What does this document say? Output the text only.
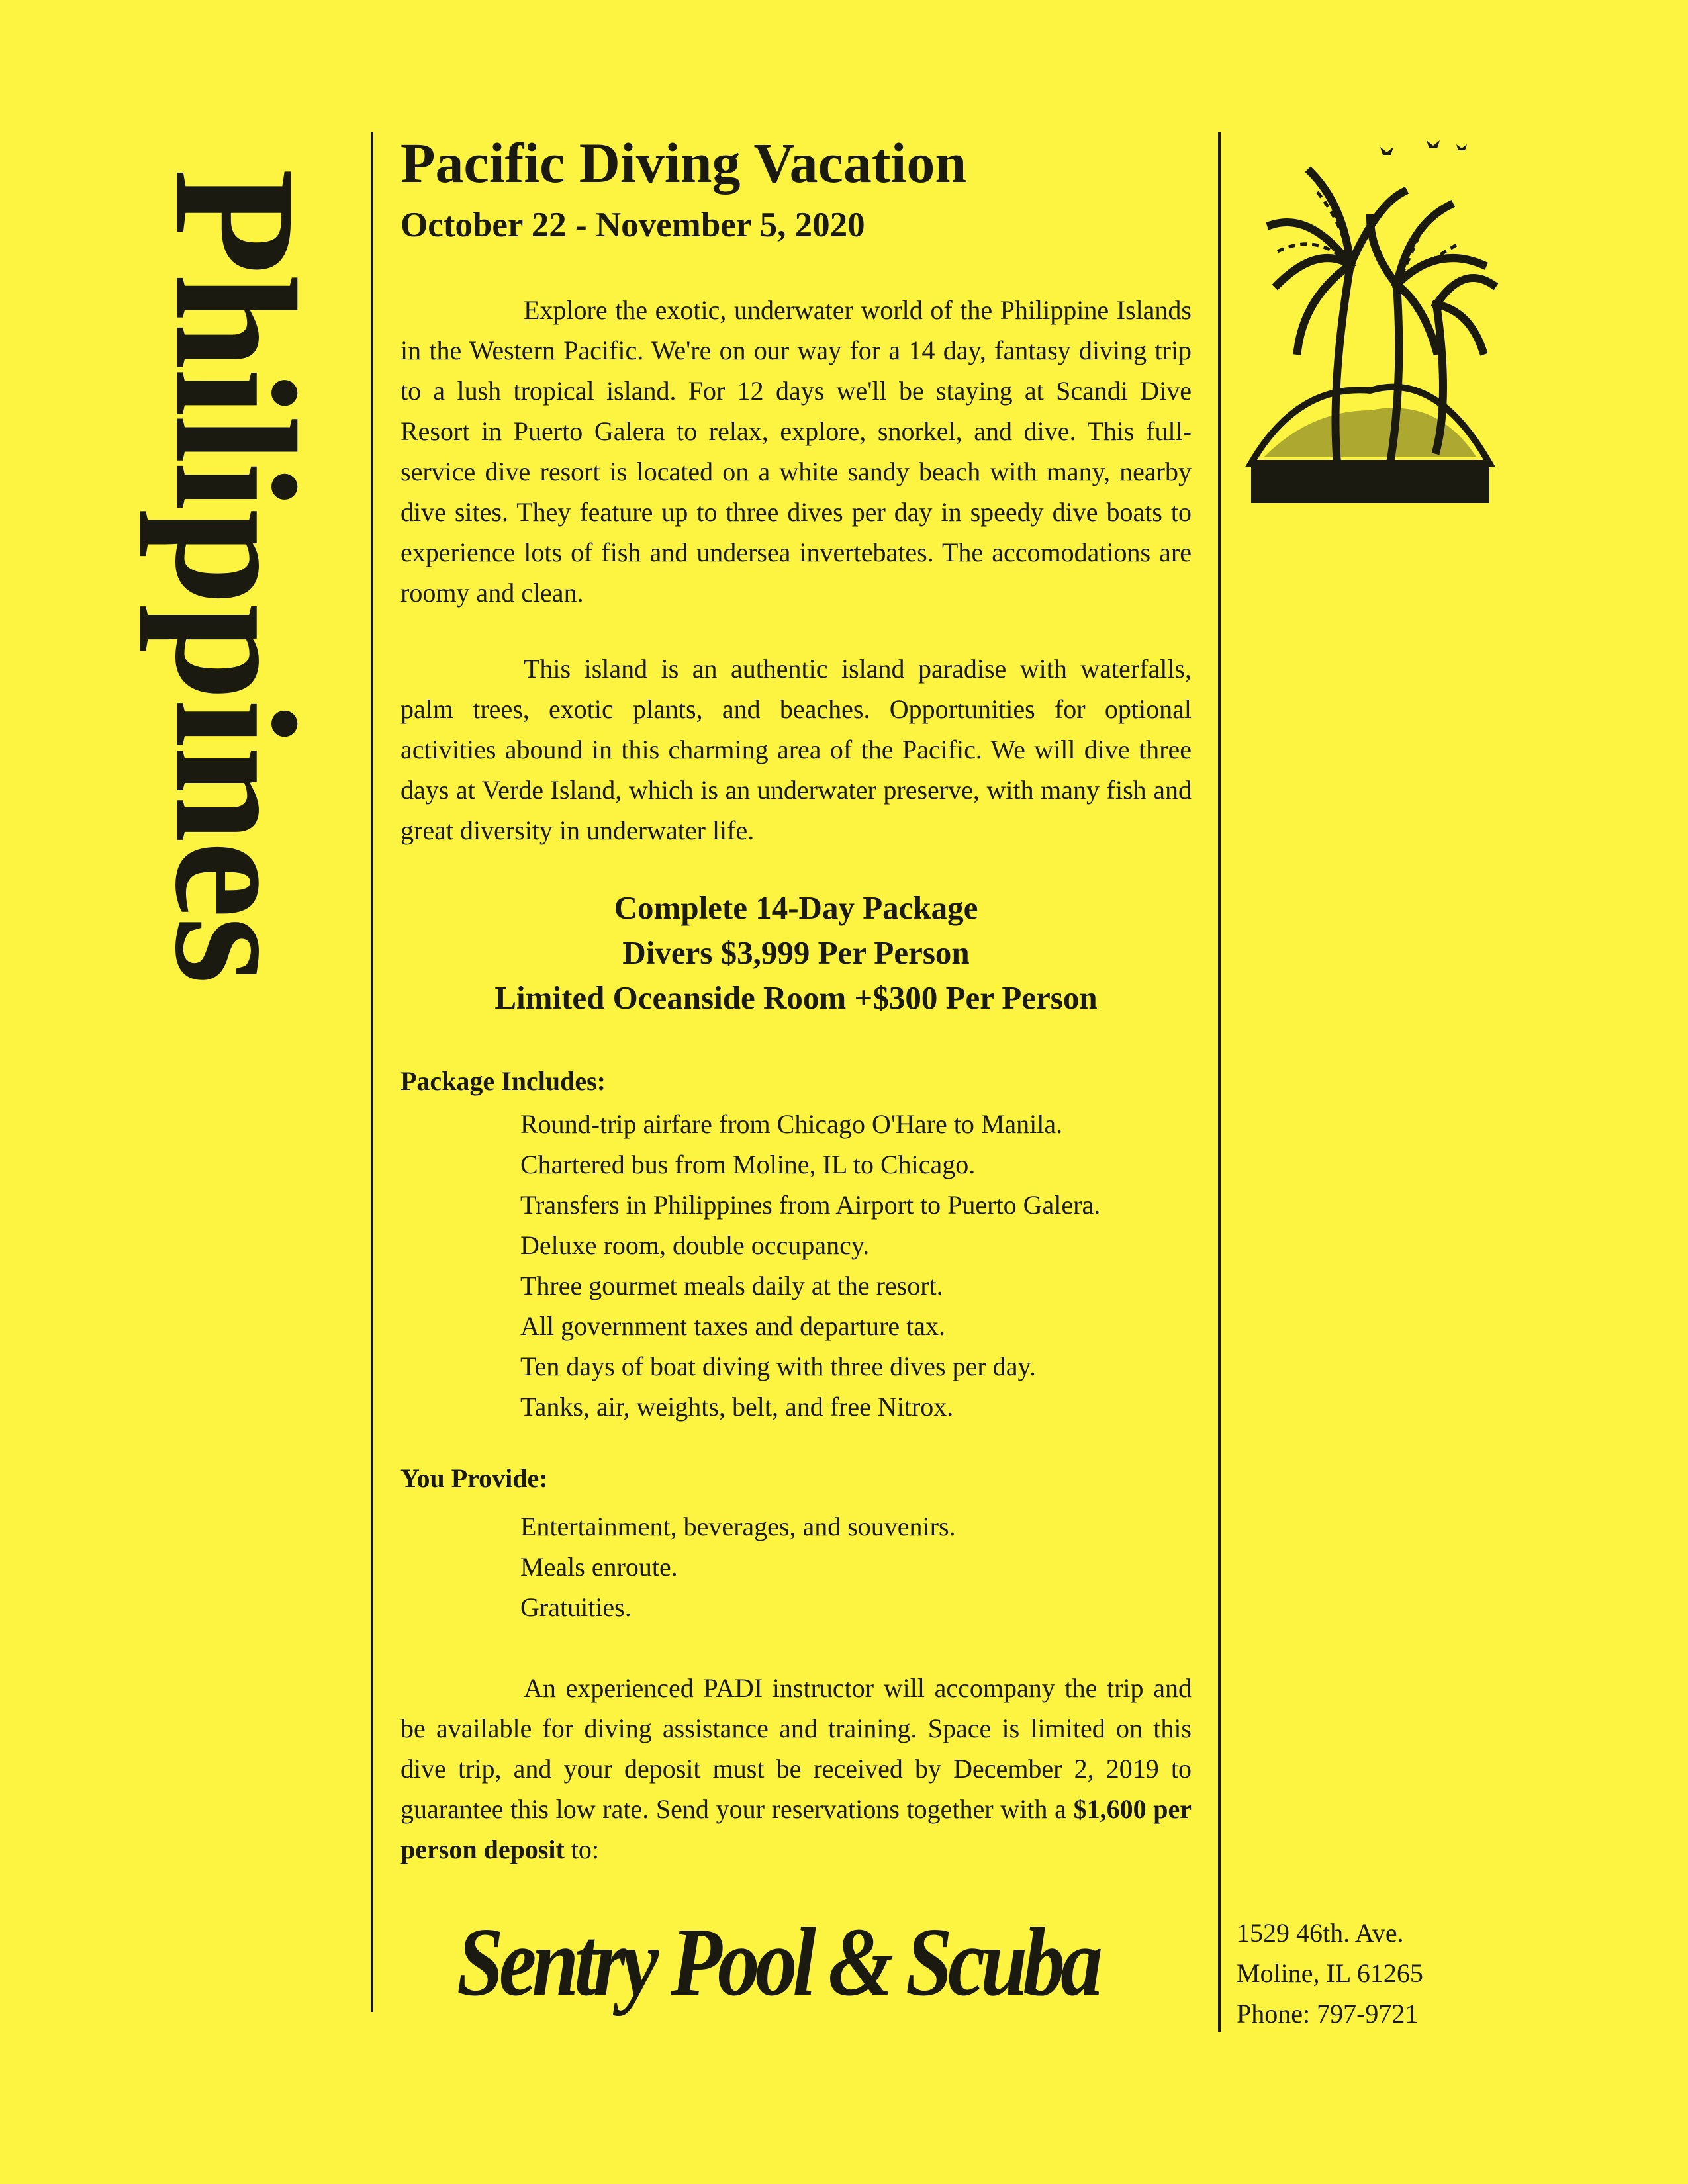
Philippines
Pacific Diving Vacation
October 22 - November 5, 2020

Explore the exotic, underwater world of the Philippine Islands in the Western Pacific. We're on our way for a 14 day, fantasy diving trip to a lush tropical island. For 12 days we'll be staying at Scandi Dive Resort in Puerto Galera to relax, explore, snorkel, and dive. This full-service dive resort is located on a white sandy beach with many, nearby dive sites. They feature up to three dives per day in speedy dive boats to experience lots of fish and undersea invertebates. The accomodations are roomy and clean.

This island is an authentic island paradise with waterfalls, palm trees, exotic plants, and beaches. Opportunities for optional activities abound in this charming area of the Pacific. We will dive three days at Verde Island, which is an underwater preserve, with many fish and great diversity in underwater life.

Complete 14-Day Package
Divers $3,999 Per Person
Limited Oceanside Room +$300 Per Person
Package Includes:
Round-trip airfare from Chicago O'Hare to Manila.
Chartered bus from Moline, IL to Chicago.
Transfers in Philippines from Airport to Puerto Galera.
Deluxe room, double occupancy.
Three gourmet meals daily at the resort.
All government taxes and departure tax.
Ten days of boat diving with three dives per day.
Tanks, air, weights, belt, and free Nitrox.
You Provide:
Entertainment, beverages, and souvenirs.
Meals enroute.
Gratuities.

An experienced PADI instructor will accompany the trip and be available for diving assistance and training. Space is limited on this dive trip, and your deposit must be received by December 2, 2019 to guarantee this low rate. Send your reservations together with a $1,600 per person deposit to:

Sentry Pool & Scuba	1529 46th. Ave.
Moline, IL 61265
Phone: 797-9721
